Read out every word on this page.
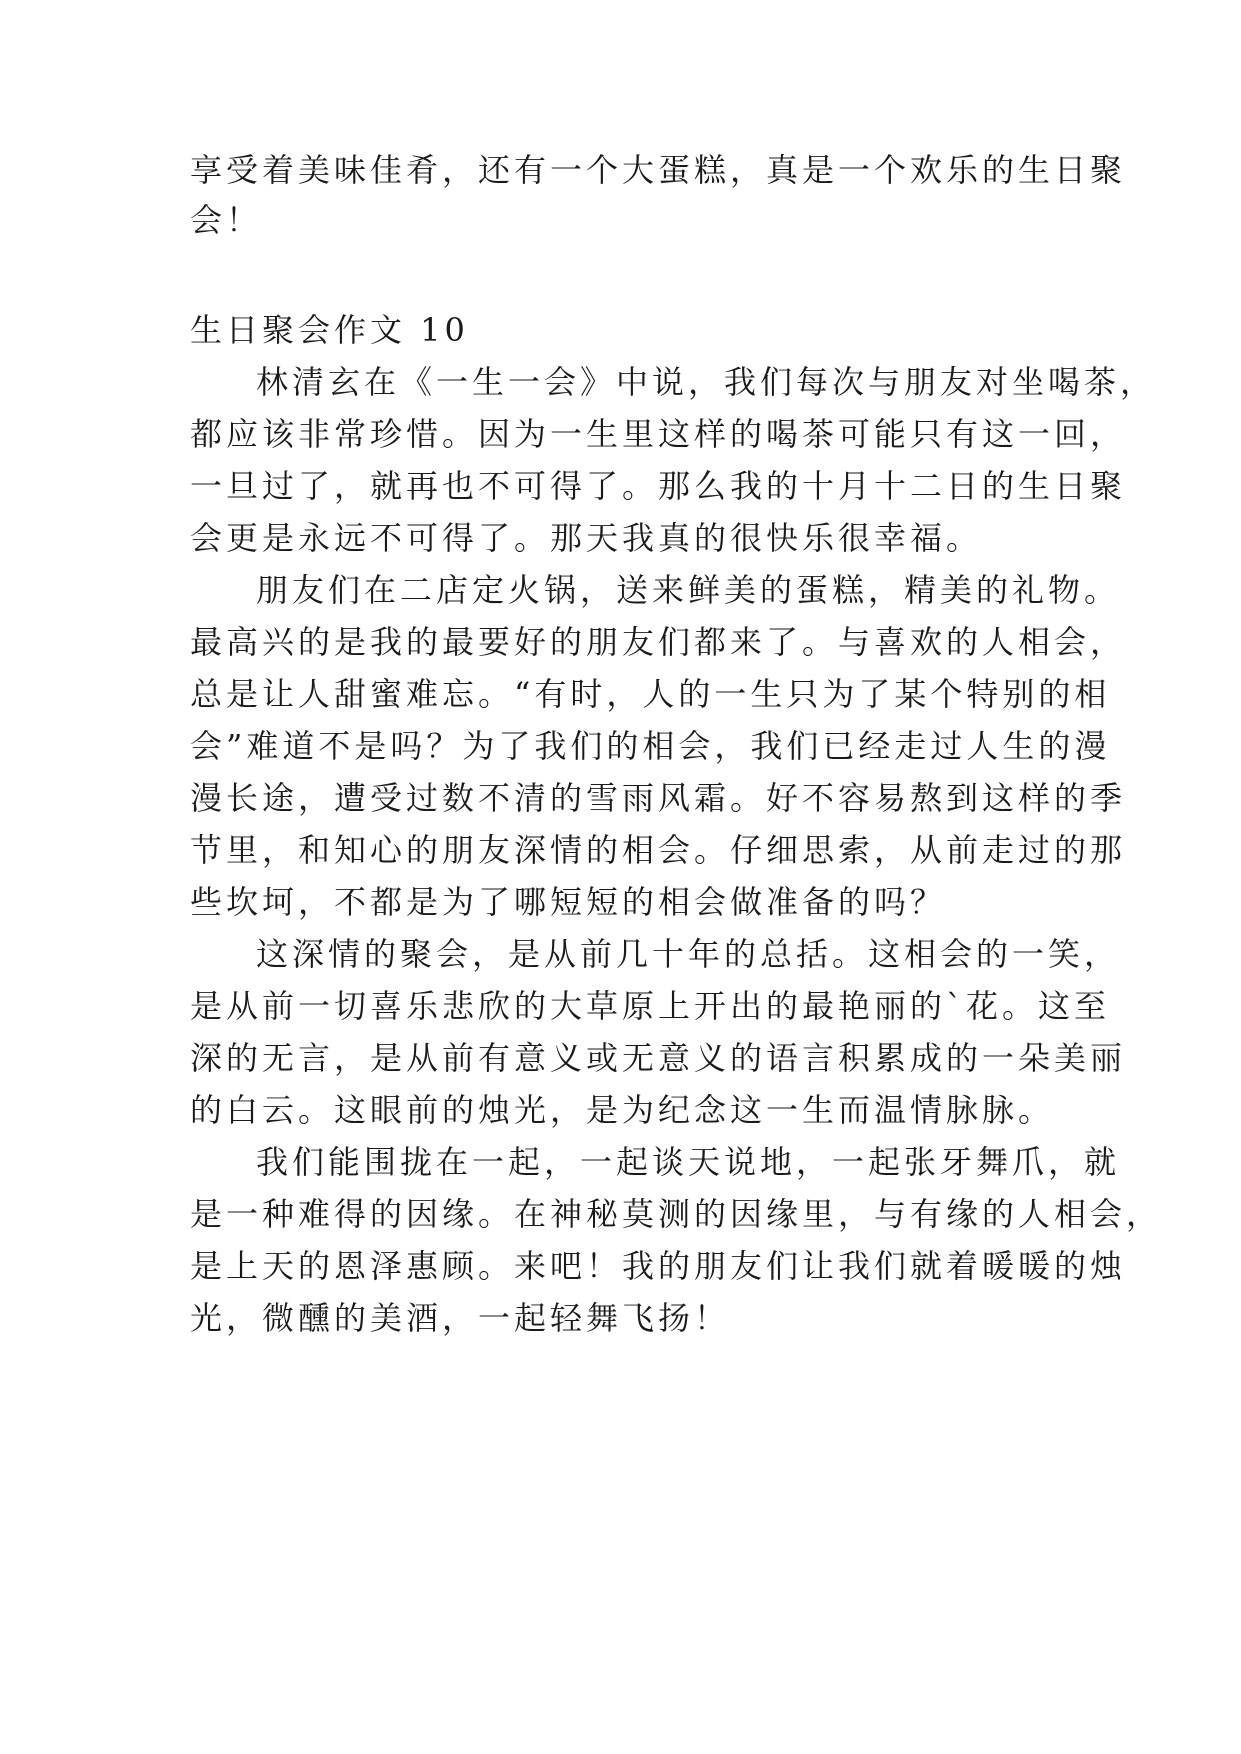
享受着美味佳肴，还有一个大蛋糕，真是一个欢乐的生日聚
会！
生日聚会作文 10
林清玄在《一生一会》中说，我们每次与朋友对坐喝茶，
都应该非常珍惜。因为一生里这样的喝茶可能只有这一回，
一旦过了，就再也不可得了。那么我的十月十二日的生日聚
会更是永远不可得了。那天我真的很快乐很幸福。
朋友们在二店定火锅，送来鲜美的蛋糕，精美的礼物。
最高兴的是我的最要好的朋友们都来了。与喜欢的人相会，
总是让人甜蜜难忘。“有时，人的一生只为了某个特别的相
会”难道不是吗？为了我们的相会，我们已经走过人生的漫
漫长途，遭受过数不清的雪雨风霜。好不容易熬到这样的季
节里，和知心的朋友深情的相会。仔细思索，从前走过的那
些坎坷，不都是为了哪短短的相会做准备的吗？
这深情的聚会，是从前几十年的总括。这相会的一笑，
是从前一切喜乐悲欣的大草原上开出的最艳丽的`花。这至
深的无言，是从前有意义或无意义的语言积累成的一朵美丽
的白云。这眼前的烛光，是为纪念这一生而温情脉脉。
我们能围拢在一起，一起谈天说地，一起张牙舞爪，就
是一种难得的因缘。在神秘莫测的因缘里，与有缘的人相会，
是上天的恩泽惠顾。来吧！我的朋友们让我们就着暖暖的烛
光，微醺的美酒，一起轻舞飞扬！
